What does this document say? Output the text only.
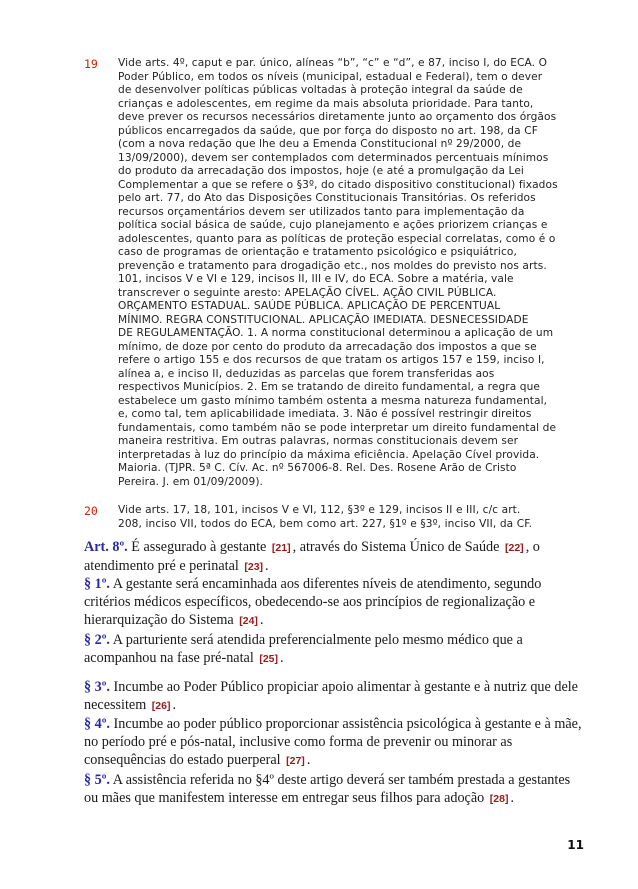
19	Vide arts. 4º, caput e par. único, alíneas “b”, “c” e “d”, e 87, inciso I, do ECA. O
Poder Público, em todos os níveis (municipal, estadual e Federal), tem o dever
de desenvolver políticas públicas voltadas à proteção integral da saúde de
crianças e adolescentes, em regime da mais absoluta prioridade. Para tanto,
deve prever os recursos necessários diretamente junto ao orçamento dos órgãos
públicos encarregados da saúde, que por força do disposto no art. 198, da CF
(com a nova redação que lhe deu a Emenda Constitucional nº 29/2000, de
13/09/2000), devem ser contemplados com determinados percentuais mínimos
do produto da arrecadação dos impostos, hoje (e até a promulgação da Lei
Complementar a que se refere o §3º, do citado dispositivo constitucional) fixados
pelo art. 77, do Ato das Disposições Constitucionais Transitórias. Os referidos
recursos orçamentários devem ser utilizados tanto para implementação da
política social básica de saúde, cujo planejamento e ações priorizem crianças e
adolescentes, quanto para as políticas de proteção especial correlatas, como é o
caso de programas de orientação e tratamento psicológico e psiquiátrico,
prevenção e tratamento para drogadição etc., nos moldes do previsto nos arts.
101, incisos V e VI e 129, incisos II, III e IV, do ECA. Sobre a matéria, vale
transcrever o seguinte aresto: APELAÇÃO CÍVEL. AÇÃO CIVIL PÚBLICA.
ORÇAMENTO ESTADUAL. SAÚDE PÚBLICA. APLICAÇÃO DE PERCENTUAL
MÍNIMO. REGRA CONSTITUCIONAL. APLICAÇÃO IMEDIATA. DESNECESSIDADE
DE REGULAMENTAÇÃO. 1. A norma constitucional determinou a aplicação de um
mínimo, de doze por cento do produto da arrecadação dos impostos a que se
refere o artigo 155 e dos recursos de que tratam os artigos 157 e 159, inciso I,
alínea a, e inciso II, deduzidas as parcelas que forem transferidas aos
respectivos Municípios. 2. Em se tratando de direito fundamental, a regra que
estabelece um gasto mínimo também ostenta a mesma natureza fundamental,
e, como tal, tem aplicabilidade imediata. 3. Não é possível restringir direitos
fundamentais, como também não se pode interpretar um direito fundamental de
maneira restritiva. Em outras palavras, normas constitucionais devem ser
interpretadas à luz do princípio da máxima eficiência. Apelação Cível provida.
Maioria. (TJPR. 5ª C. Cív. Ac. nº 567006-8. Rel. Des. Rosene Arão de Cristo
Pereira. J. em 01/09/2009).
20	Vide arts. 17, 18, 101, incisos V e VI, 112, §3º e 129, incisos II e III, c/c art.
208, inciso VII, todos do ECA, bem como art. 227, §1º e §3º, inciso VII, da CF.
Art. 8º. É assegurado à gestante [21] , através do Sistema Único de Saúde [22] , o atendimento pré e perinatal [23] .
§ 1º. A gestante será encaminhada aos diferentes níveis de atendimento, segundo critérios médicos específicos, obedecendo-se aos princípios de regionalização e hierarquização do Sistema [24] .
§ 2º. A parturiente será atendida preferencialmente pelo mesmo médico que a acompanhou na fase pré-natal [25] .
§ 3º. Incumbe ao Poder Público propiciar apoio alimentar à gestante e à nutriz que dele necessitem [26] .
§ 4º. Incumbe ao poder público proporcionar assistência psicológica à gestante e à mãe, no período pré e pós-natal, inclusive como forma de prevenir ou minorar as consequências do estado puerperal [27] .
§ 5º. A assistência referida no §4º deste artigo deverá ser também prestada a gestantes ou mães que manifestem interesse em entregar seus filhos para adoção [28] .
11
